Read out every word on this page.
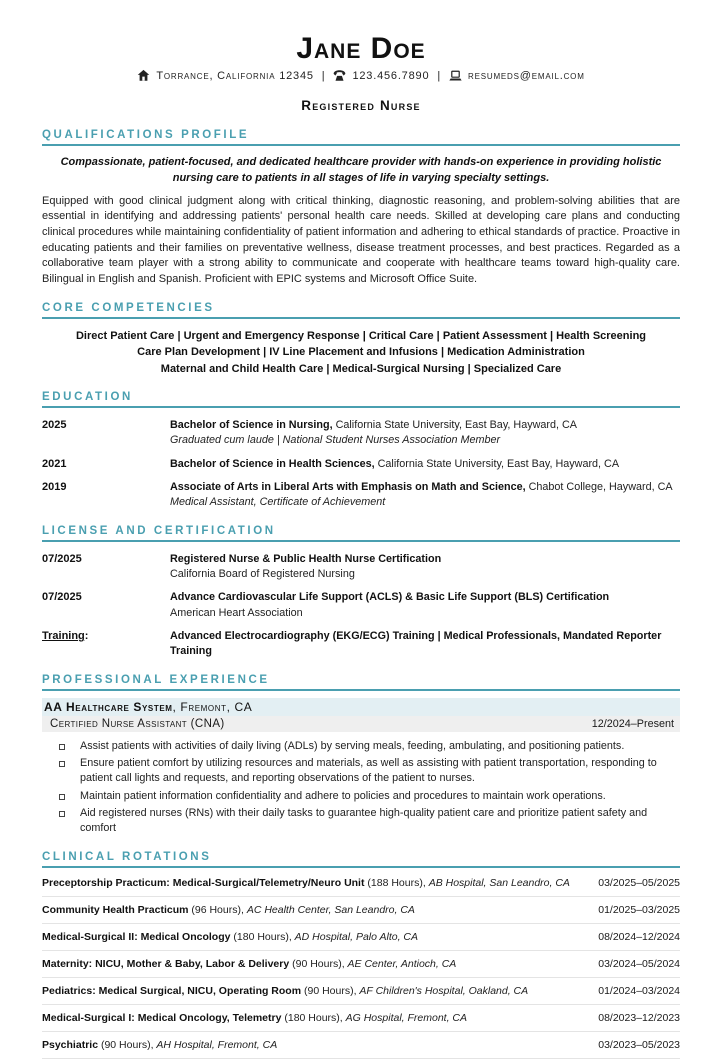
Jane Doe
Torrance, California 12345 | 123.456.7890 | resumeds@email.com
Registered Nurse
QUALIFICATIONS PROFILE
Compassionate, patient-focused, and dedicated healthcare provider with hands-on experience in providing holistic nursing care to patients in all stages of life in varying specialty settings.
Equipped with good clinical judgment along with critical thinking, diagnostic reasoning, and problem-solving abilities that are essential in identifying and addressing patients' personal health care needs. Skilled at developing care plans and conducting clinical procedures while maintaining confidentiality of patient information and adhering to ethical standards of practice. Proactive in educating patients and their families on preventative wellness, disease treatment processes, and best practices. Regarded as a collaborative team player with a strong ability to communicate and cooperate with healthcare teams toward high-quality care. Bilingual in English and Spanish. Proficient with EPIC systems and Microsoft Office Suite.
CORE COMPETENCIES
Direct Patient Care | Urgent and Emergency Response | Critical Care | Patient Assessment | Health Screening
Care Plan Development | IV Line Placement and Infusions | Medication Administration
Maternal and Child Health Care | Medical-Surgical Nursing | Specialized Care
EDUCATION
2025	Bachelor of Science in Nursing, California State University, East Bay, Hayward, CA
Graduated cum laude | National Student Nurses Association Member
2021	Bachelor of Science in Health Sciences, California State University, East Bay, Hayward, CA
2019	Associate of Arts in Liberal Arts with Emphasis on Math and Science, Chabot College, Hayward, CA
Medical Assistant, Certificate of Achievement
LICENSE AND CERTIFICATION
07/2025	Registered Nurse & Public Health Nurse Certification
California Board of Registered Nursing
07/2025	Advance Cardiovascular Life Support (ACLS) & Basic Life Support (BLS) Certification
American Heart Association
Training:	Advanced Electrocardiography (EKG/ECG) Training | Medical Professionals, Mandated Reporter Training
PROFESSIONAL EXPERIENCE
AA Healthcare System, Fremont, CA
Certified Nurse Assistant (CNA)	12/2024–Present
Assist patients with activities of daily living (ADLs) by serving meals, feeding, ambulating, and positioning patients.
Ensure patient comfort by utilizing resources and materials, as well as assisting with patient transportation, responding to patient call lights and requests, and reporting observations of the patient to nurses.
Maintain patient information confidentiality and adhere to policies and procedures to maintain work operations.
Aid registered nurses (RNs) with their daily tasks to guarantee high-quality patient care and prioritize patient safety and comfort
CLINICAL ROTATIONS
Preceptorship Practicum: Medical-Surgical/Telemetry/Neuro Unit (188 Hours), AB Hospital, San Leandro, CA	03/2025–05/2025
Community Health Practicum (96 Hours), AC Health Center, San Leandro, CA	01/2025–03/2025
Medical-Surgical II: Medical Oncology (180 Hours), AD Hospital, Palo Alto, CA	08/2024–12/2024
Maternity: NICU, Mother & Baby, Labor & Delivery (90 Hours), AE Center, Antioch, CA	03/2024–05/2024
Pediatrics: Medical Surgical, NICU, Operating Room (90 Hours), AF Children's Hospital, Oakland, CA	01/2024–03/2024
Medical-Surgical I: Medical Oncology, Telemetry (180 Hours), AG Hospital, Fremont, CA	08/2023–12/2023
Psychiatric (90 Hours), AH Hospital, Fremont, CA	03/2023–05/2023
